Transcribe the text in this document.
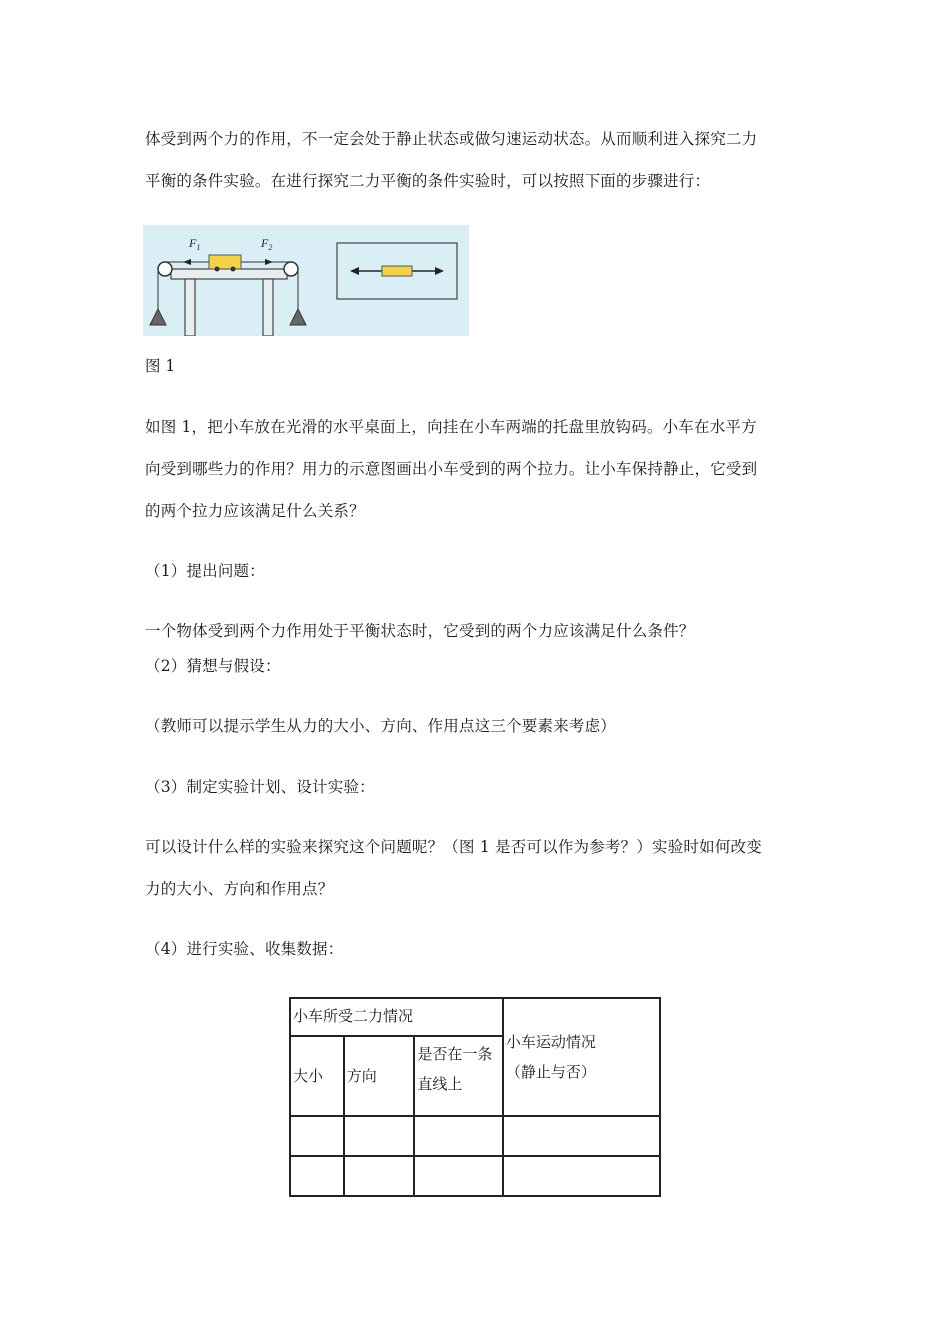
体受到两个力的作用，不一定会处于静止状态或做匀速运动状态。从而顺利进入探究二力
平衡的条件实验。在进行探究二力平衡的条件实验时，可以按照下面的步骤进行：
$F_1$	$F_2$
图 1
如图 1，把小车放在光滑的水平桌面上，向挂在小车两端的托盘里放钩码。小车在水平方
向受到哪些力的作用？用力的示意图画出小车受到的两个拉力。让小车保持静止，它受到
的两个拉力应该满足什么关系？
（1）提出问题：
一个物体受到两个力作用处于平衡状态时，它受到的两个力应该满足什么条件？
（2）猜想与假设：
（教师可以提示学生从力的大小、方向、作用点这三个要素来考虑）
（3）制定实验计划、设计实验：
可以设计什么样的实验来探究这个问题呢？（图 1 是否可以作为参考？）实验时如何改变
力的大小、方向和作用点？
（4）进行实验、收集数据：
小车所受二力情况			小车运动情况
（静止与否）

大小	方向	是否在一条
直线上	
